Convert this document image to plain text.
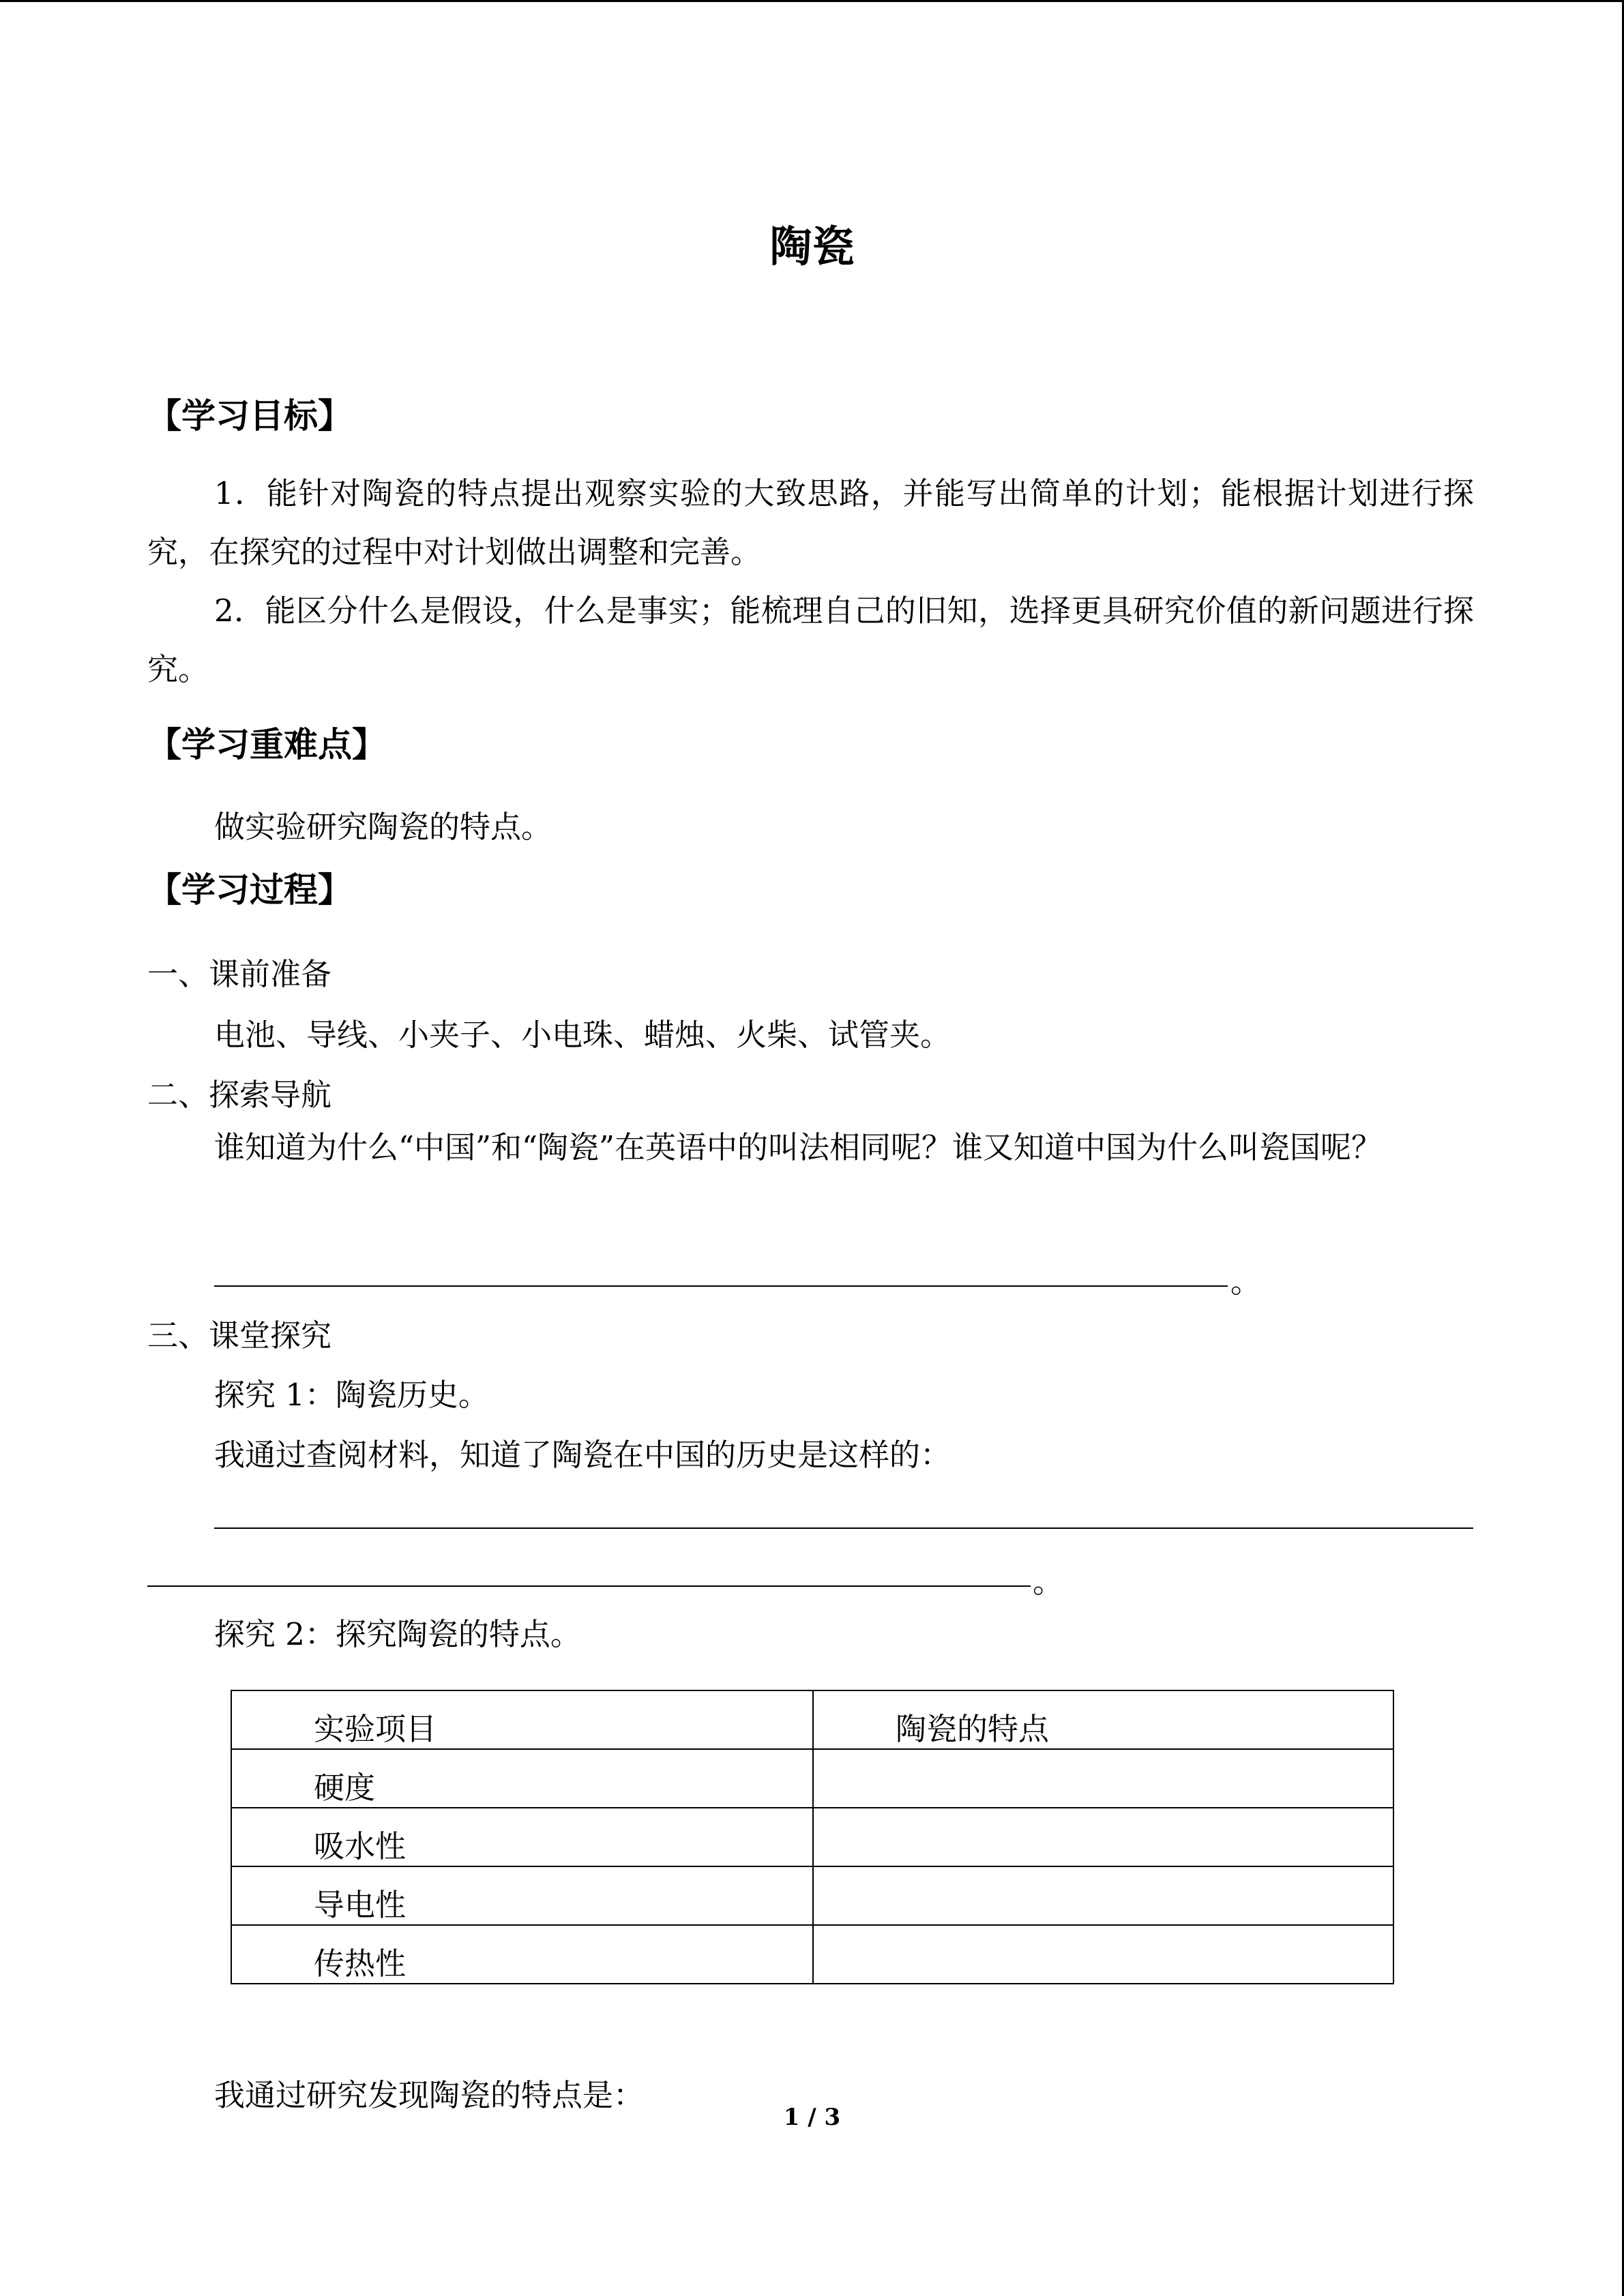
陶瓷
【学习目标】
1．能针对陶瓷的特点提出观察实验的大致思路，并能写出简单的计划；能根据计划进行探究，在探究的过程中对计划做出调整和完善。
2．能区分什么是假设，什么是事实；能梳理自己的旧知，选择更具研究价值的新问题进行探究。
【学习重难点】
做实验研究陶瓷的特点。
【学习过程】
一、课前准备
电池、导线、小夹子、小电珠、蜡烛、火柴、试管夹。
二、探索导航
谁知道为什么“中国”和“陶瓷”在英语中的叫法相同呢？谁又知道中国为什么叫瓷国呢？
。
三、课堂探究
探究 1：陶瓷历史。
我通过查阅材料，知道了陶瓷在中国的历史是这样的：
。
探究 2：探究陶瓷的特点。
实验项目	陶瓷的特点
硬度	
吸水性	
导电性	
传热性	
我通过研究发现陶瓷的特点是：
1 / 3
